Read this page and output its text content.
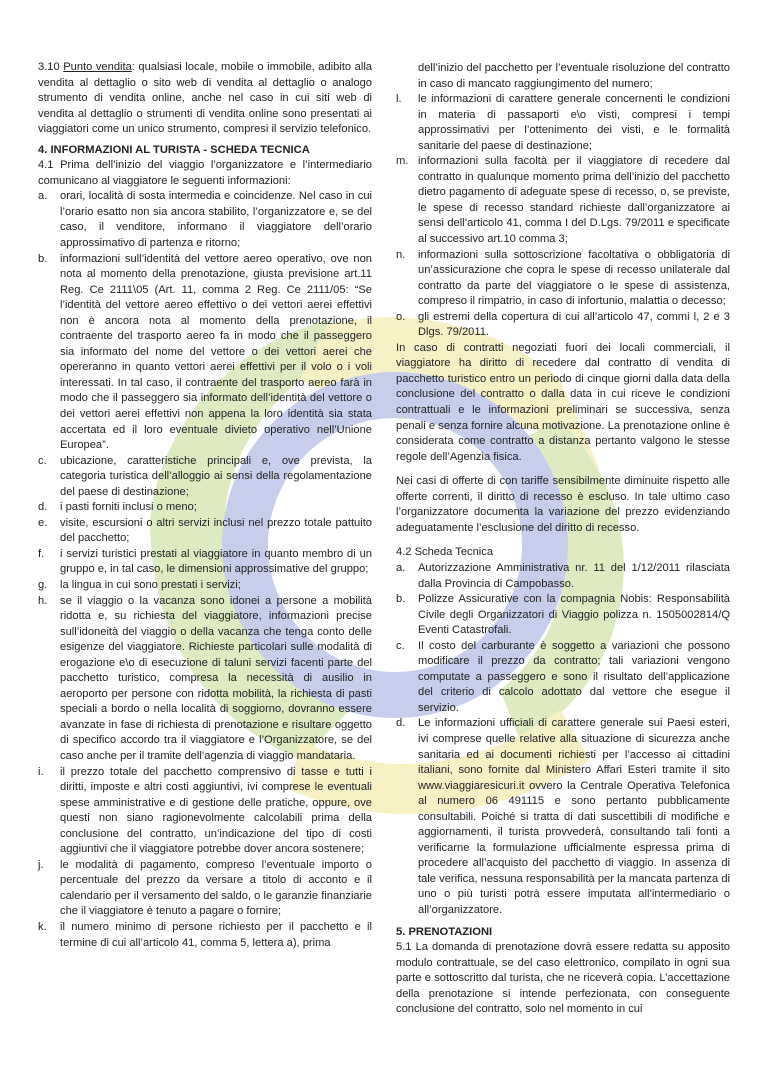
3.10 Punto vendita: qualsiasi locale, mobile o immobile, adibito alla vendita al dettaglio o sito web di vendita al dettaglio o analogo strumento di vendita online, anche nel caso in cui siti web di vendita al dettaglio o strumenti di vendita online sono presentati ai viaggiatori come un unico strumento, compresi il servizio telefonico.

4. INFORMAZIONI AL TURISTA - SCHEDA TECNICA

4.1 Prima dell’inizio del viaggio l’organizzatore e l’intermediario comunicano al viaggiatore le seguenti informazioni:

a.	orari, località di sosta intermedia e coincidenze. Nel caso in cui l’orario esatto non sia ancora stabilito, l’organizzatore e, se del caso, il venditore, informano il viaggiatore dell’orario approssimativo di partenza e ritorno;
b.	informazioni sull’identità del vettore aereo operativo, ove non nota al momento della prenotazione, giusta previsione art.11 Reg. Ce 2111\05 (Art. 11, comma 2 Reg. Ce 2111/05: “Se l’identità del vettore aereo effettivo o dei vettori aerei effettivi non è ancora nota al momento della prenotazione, il contraente del trasporto aereo fa in modo che il passeggero sia informato del nome del vettore o dei vettori aerei che opereranno in quanto vettori aerei effettivi per il volo o i voli interessati. In tal caso, il contraente del trasporto aereo farà in modo che il passeggero sia informato dell’identità del vettore o dei vettori aerei effettivi non appena la loro identità sia stata accertata ed il loro eventuale divieto operativo nell’Unione Europea”.
c.	ubicazione, caratteristiche principali e, ove prevista, la categoria turistica dell’alloggio ai sensi della regolamentazione del paese di destinazione;
d.	i pasti forniti inclusi o meno;
e.	visite, escursioni o altri servizi inclusi nel prezzo totale pattuito del pacchetto;
f.	i servizi turistici prestati al viaggiatore in quanto membro di un gruppo e, in tal caso, le dimensioni approssimative del gruppo;
g.	la lingua in cui sono prestati i servizi;
h.	se il viaggio o la vacanza sono idonei a persone a mobilità ridotta e, su richiesta del viaggiatore, informazioni precise sull’idoneità del viaggio o della vacanza che tenga conto delle esigenze del viaggiatore. Richieste particolari sulle modalità di erogazione e\o di esecuzione di taluni servizi facenti parte del pacchetto turistico, compresa la necessità di ausilio in aeroporto per persone con ridotta mobilità, la richiesta di pasti speciali a bordo o nella località di soggiorno, dovranno essere avanzate in fase di richiesta di prenotazione e risultare oggetto di specifico accordo tra il viaggiatore e l’Organizzatore, se del caso anche per il tramite dell’agenzia di viaggio mandataria.
i.	il prezzo totale del pacchetto comprensivo di tasse e tutti i diritti, imposte e altri costi aggiuntivi, ivi comprese le eventuali spese amministrative e di gestione delle pratiche, oppure, ove questi non siano ragionevolmente calcolabili prima della conclusione del contratto, un’indicazione del tipo di costi aggiuntivi che il viaggiatore potrebbe dover ancora sostenere;
j.	le modalità di pagamento, compreso l’eventuale importo o percentuale del prezzo da versare a titolo di acconto e il calendario per il versamento del saldo, o le garanzie finanziarie che il viaggiatore è tenuto a pagare o fornire;
k.	il numero minimo di persone richiesto per il pacchetto e il termine di cui all’articolo 41, comma 5, lettera a), prima

dell’inizio del pacchetto per l’eventuale risoluzione del contratto in caso di mancato raggiungimento del numero;

l.	le informazioni di carattere generale concernenti le condizioni in materia di passaporti e\o visti, compresi i tempi approssimativi per l’ottenimento dei visti, e le formalità sanitarie del paese di destinazione;
m. informazioni sulla facoltà per il viaggiatore di recedere dal contratto in qualunque momento prima dell’inizio del pacchetto dietro pagamento di adeguate spese di recesso, o, se previste, le spese di recesso standard richieste dall’organizzatore ai sensi dell’articolo 41, comma I del D.Lgs. 79/2011 e specificate al successivo art.10 comma 3;
n.	informazioni sulla sottoscrizione facoltativa o obbligatoria di un’assicurazione che copra le spese di recesso unilaterale dal contratto da parte del viaggiatore o le spese di assistenza, compreso il rimpatrio, in caso di infortunio, malattia o decesso;
o.	gli estremi della copertura di cui all’articolo 47, commi l, 2 e 3 Dlgs. 79/2011.

In caso di contratti negoziati fuori dei locali commerciali, il viaggiatore ha diritto di recedere dal contratto di vendita di pacchetto turistico entro un periodo di cinque giorni dalla data della conclusione del contratto o dalla data in cui riceve le condizioni contrattuali e le informazioni preliminari se successiva, senza penali e senza fornire alcuna motivazione. La prenotazione online è considerata come contratto a distanza pertanto valgono le stesse regole dell’Agenzia fisica.

Nei casi di offerte di con tariffe sensibilmente diminuite rispetto alle offerte correnti, il diritto di recesso è escluso. In tale ultimo caso l’organizzatore documenta la variazione del prezzo evidenziando adeguatamente l’esclusione del diritto di recesso.

4.2 Scheda Tecnica

a.	Autorizzazione Amministrativa nr. 11 del 1/12/2011 rilasciata dalla Provincia di Campobasso.
b.	Polizze Assicurative con la compagnia Nobis: Responsabilità Civile degli Organizzatori di Viaggio polizza n. 1505002814/Q Eventi Catastrofali.
c.	Il costo del carburante è soggetto a variazioni che possono modificare il prezzo da contratto; tali variazioni vengono computate a passeggero e sono il risultato dell’applicazione del criterio di calcolo adottato dal vettore che esegue il servizio.
d.	Le informazioni ufficiali di carattere generale sui Paesi esteri, ivi comprese quelle relative alla situazione di sicurezza anche sanitaria ed ai documenti richiesti per l’accesso ai cittadini italiani, sono fornite dal Ministero Affari Esteri tramite il sito www.viaggiaresicuri.it ovvero la Centrale Operativa Telefonica al numero 06 491115 e sono pertanto pubblicamente consultabili. Poiché si tratta di dati suscettibili di modifiche e aggiornamenti, il turista provvederà, consultando tali fonti a verificarne la formulazione ufficialmente espressa prima di procedere all’acquisto del pacchetto di viaggio. In assenza di tale verifica, nessuna responsabilità per la mancata partenza di uno o più turisti potrà essere imputata all’intermediario o all’organizzatore.
5. PRENOTAZIONI

5.1 La domanda di prenotazione dovrà essere redatta su apposito modulo contrattuale, se del caso elettronico, compilato in ogni sua parte e sottoscritto dal turista, che ne riceverà copia. L’accettazione della prenotazione si intende perfezionata, con conseguente conclusione del contratto, solo nel momento in cui
